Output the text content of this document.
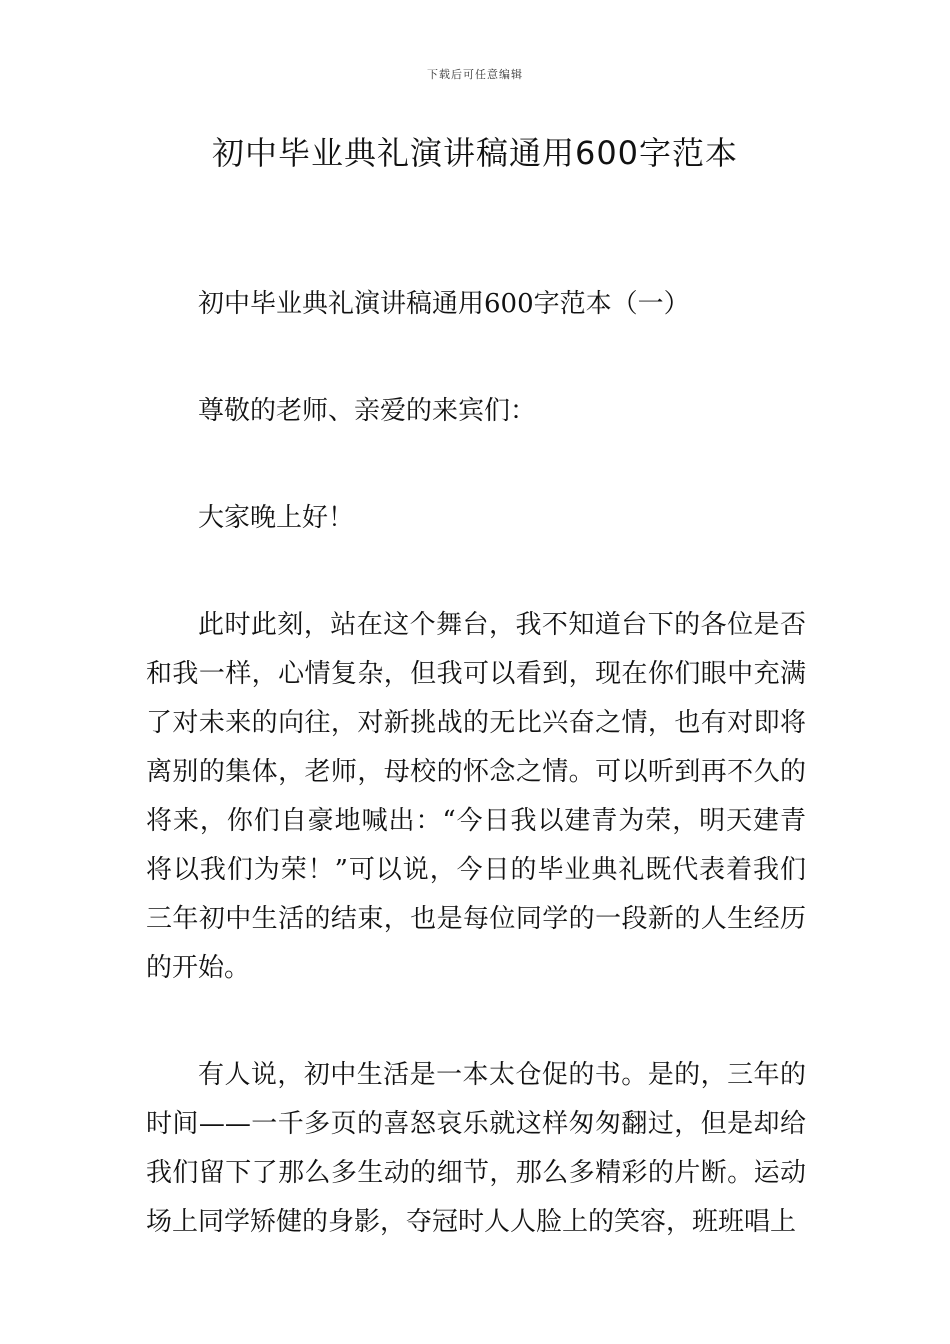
下载后可任意编辑
初中毕业典礼演讲稿通用600字范本

初中毕业典礼演讲稿通用600字范本（一）

尊敬的老师、亲爱的来宾们：

大家晚上好！

此时此刻，站在这个舞台，我不知道台下的各位是否和我一样，心情复杂，但我可以看到，现在你们眼中充满了对未来的向往，对新挑战的无比兴奋之情，也有对即将离别的集体，老师，母校的怀念之情。可以听到再不久的将来，你们自豪地喊出：“今日我以建青为荣，明天建青将以我们为荣！”可以说，今日的毕业典礼既代表着我们三年初中生活的结束，也是每位同学的一段新的人生经历的开始。

有人说，初中生活是一本太仓促的书。是的，三年的时间——一千多页的喜怒哀乐就这样匆匆翻过，但是却给我们留下了那么多生动的细节，那么多精彩的片断。运动场上同学矫健的身影，夺冠时人人脸上的笑容，班班唱上
